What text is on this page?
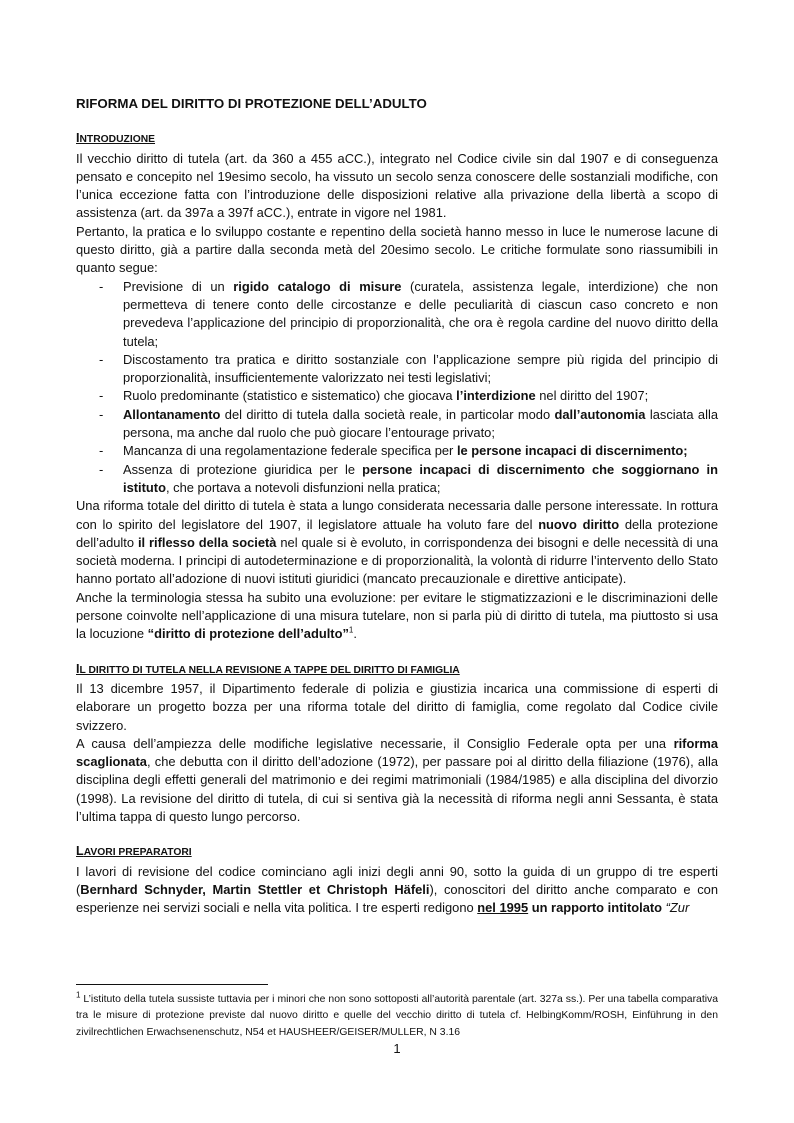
RIFORMA DEL DIRITTO DI PROTEZIONE DELL’ADULTO
INTRODUZIONE

Il vecchio diritto di tutela (art. da 360 a 455 aCC.), integrato nel Codice civile sin dal 1907 e di conseguenza pensato e concepito nel 19esimo secolo, ha vissuto un secolo senza conoscere delle sostanziali modifiche, con l’unica eccezione fatta con l’introduzione delle disposizioni relative alla privazione della libertà a scopo di assistenza (art. da 397a a 397f aCC.), entrate in vigore nel 1981.

Pertanto, la pratica e lo sviluppo costante e repentino della società hanno messo in luce le numerose lacune di questo diritto, già a partire dalla seconda metà del 20esimo secolo. Le critiche formulate sono riassumibili in quanto segue:

- Previsione di un rigido catalogo di misure (curatela, assistenza legale, interdizione) che non permetteva di tenere conto delle circostanze e delle peculiarità di ciascun caso concreto e non prevedeva l’applicazione del principio di proporzionalità, che ora è regola cardine del nuovo diritto della tutela;
- Discostamento tra pratica e diritto sostanziale con l’applicazione sempre più rigida del principio di proporzionalità, insufficientemente valorizzato nei testi legislativi;
- Ruolo predominante (statistico e sistematico) che giocava l’interdizione nel diritto del 1907;
- Allontanamento del diritto di tutela dalla società reale, in particolar modo dall’autonomia lasciata alla persona, ma anche dal ruolo che può giocare l’entourage privato;
- Mancanza di una regolamentazione federale specifica per le persone incapaci di discernimento;
- Assenza di protezione giuridica per le persone incapaci di discernimento che soggiornano in istituto, che portava a notevoli disfunzioni nella pratica;

Una riforma totale del diritto di tutela è stata a lungo considerata necessaria dalle persone interessate. In rottura con lo spirito del legislatore del 1907, il legislatore attuale ha voluto fare del nuovo diritto della protezione dell’adulto il riflesso della società nel quale si è evoluto, in corrispondenza dei bisogni e delle necessità di una società moderna. I principi di autodeterminazione e di proporzionalità, la volontà di ridurre l’intervento dello Stato hanno portato all’adozione di nuovi istituti giuridici (mancato precauzionale e direttive anticipate).

Anche la terminologia stessa ha subito una evoluzione: per evitare le stigmatizzazioni e le discriminazioni delle persone coinvolte nell’applicazione di una misura tutelare, non si parla più di diritto di tutela, ma piuttosto si usa la locuzione “diritto di protezione dell’adulto”$^1$.

IL DIRITTO DI TUTELA NELLA REVISIONE A TAPPE DEL DIRITTO DI FAMIGLIA

Il 13 dicembre 1957, il Dipartimento federale di polizia e giustizia incarica una commissione di esperti di elaborare un progetto bozza per una riforma totale del diritto di famiglia, come regolato dal Codice civile svizzero.

A causa dell’ampiezza delle modifiche legislative necessarie, il Consiglio Federale opta per una riforma scaglionata, che debutta con il diritto dell’adozione (1972), per passare poi al diritto della filiazione (1976), alla disciplina degli effetti generali del matrimonio e dei regimi matrimoniali (1984/1985) e alla disciplina del divorzio (1998). La revisione del diritto di tutela, di cui si sentiva già la necessità di riforma negli anni Sessanta, è stata l’ultima tappa di questo lungo percorso.

LAVORI PREPARATORI

I lavori di revisione del codice cominciano agli inizi degli anni 90, sotto la guida di un gruppo di tre esperti (Bernhard Schnyder, Martin Stettler et Christoph Häfeli), conoscitori del diritto anche comparato e con esperienze nei servizi sociali e nella vita politica. I tre esperti redigono nel 1995 un rapporto intitolato “Zur

$^1$ L’istituto della tutela sussiste tuttavia per i minori che non sono sottoposti all’autorità parentale (art. 327a ss.). Per una tabella comparativa tra le misure di protezione previste dal nuovo diritto e quelle del vecchio diritto di tutela cf. HelbingKomm/ROSH, Einführung in den zivilrechtlichen Erwachsenenschutz, N54 et HAUSHEER/GEISER/MULLER, N 3.16
1
